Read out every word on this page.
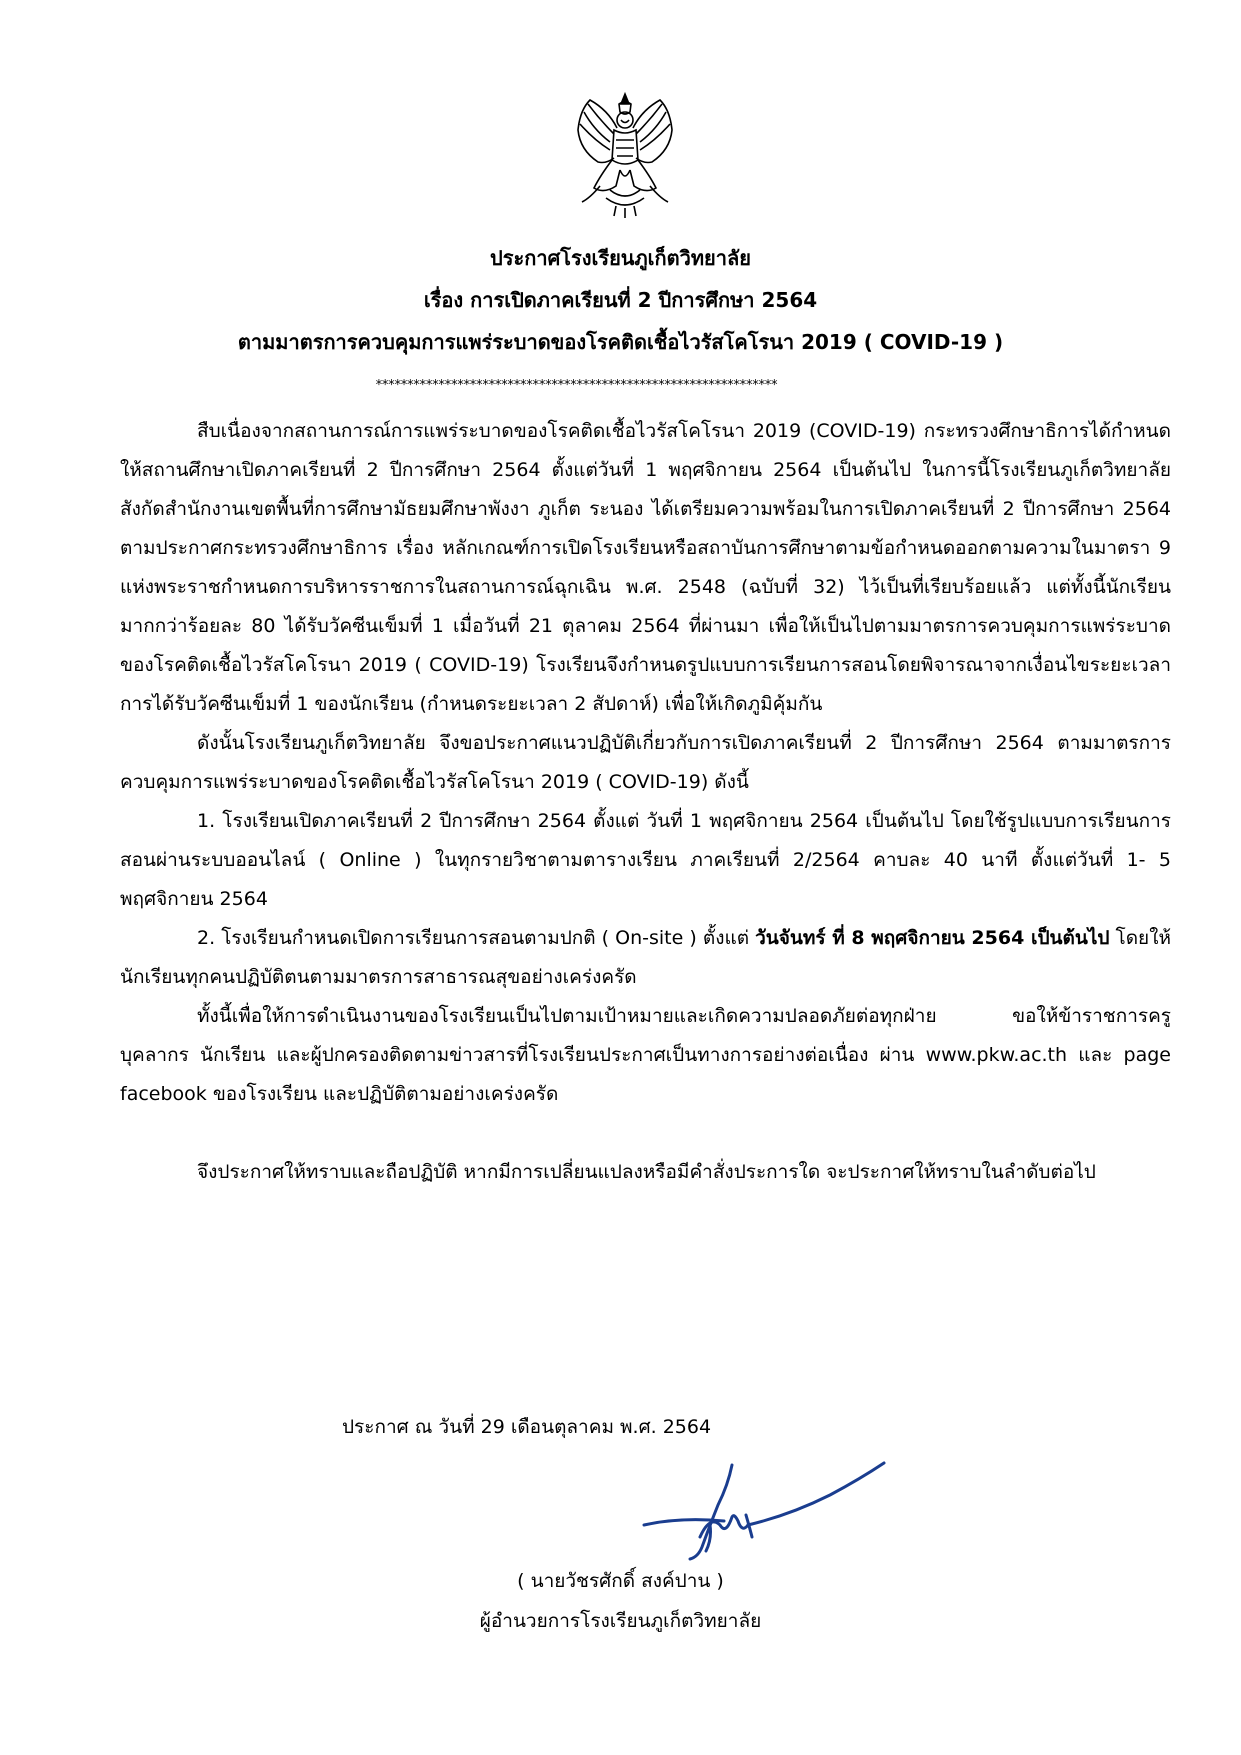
ประกาศโรงเรียนภูเก็ตวิทยาลัย
เรื่อง การเปิดภาคเรียนที่ 2 ปีการศึกษา 2564
ตามมาตรการควบคุมการแพร่ระบาดของโรคติดเชื้อไวรัสโคโรนา 2019 ( COVID-19 )
****************************************************************

สืบเนื่องจากสถานการณ์การแพร่ระบาดของโรคติดเชื้อไวรัสโคโรนา 2019 (COVID-19) กระทรวงศึกษาธิการได้กำหนดให้สถานศึกษาเปิดภาคเรียนที่ 2 ปีการศึกษา 2564 ตั้งแต่วันที่ 1 พฤศจิกายน 2564 เป็นต้นไป ในการนี้โรงเรียนภูเก็ตวิทยาลัย สังกัดสำนักงานเขตพื้นที่การศึกษามัธยมศึกษาพังงา ภูเก็ต ระนอง ได้เตรียมความพร้อมในการเปิดภาคเรียนที่ 2 ปีการศึกษา 2564 ตามประกาศกระทรวงศึกษาธิการ เรื่อง หลักเกณฑ์การเปิดโรงเรียนหรือสถาบันการศึกษาตามข้อกำหนดออกตามความในมาตรา 9 แห่งพระราชกำหนดการบริหารราชการในสถานการณ์ฉุกเฉิน พ.ศ. 2548 (ฉบับที่ 32) ไว้เป็นที่เรียบร้อยแล้ว แต่ทั้งนี้นักเรียนมากกว่าร้อยละ 80 ได้รับวัคซีนเข็มที่ 1 เมื่อวันที่ 21 ตุลาคม 2564 ที่ผ่านมา เพื่อให้เป็นไปตามมาตรการควบคุมการแพร่ระบาดของโรคติดเชื้อไวรัสโคโรนา 2019 ( COVID-19) โรงเรียนจึงกำหนดรูปแบบการเรียนการสอนโดยพิจารณาจากเงื่อนไขระยะเวลาการได้รับวัคซีนเข็มที่ 1 ของนักเรียน (กำหนดระยะเวลา 2 สัปดาห์) เพื่อให้เกิดภูมิคุ้มกัน

ดังนั้นโรงเรียนภูเก็ตวิทยาลัย จึงขอประกาศแนวปฏิบัติเกี่ยวกับการเปิดภาคเรียนที่ 2 ปีการศึกษา 2564 ตามมาตรการควบคุมการแพร่ระบาดของโรคติดเชื้อไวรัสโคโรนา 2019 ( COVID-19) ดังนี้

1. โรงเรียนเปิดภาคเรียนที่ 2 ปีการศึกษา 2564 ตั้งแต่ วันที่ 1 พฤศจิกายน 2564 เป็นต้นไป โดยใช้รูปแบบการเรียนการสอนผ่านระบบออนไลน์ ( Online ) ในทุกรายวิชาตามตารางเรียน ภาคเรียนที่ 2/2564 คาบละ 40 นาที ตั้งแต่วันที่ 1- 5 พฤศจิกายน 2564

2. โรงเรียนกำหนดเปิดการเรียนการสอนตามปกติ ( On-site ) ตั้งแต่ วันจันทร์ ที่ 8 พฤศจิกายน 2564 เป็นต้นไป โดยให้นักเรียนทุกคนปฏิบัติตนตามมาตรการสาธารณสุขอย่างเคร่งครัด

ทั้งนี้เพื่อให้การดำเนินงานของโรงเรียนเป็นไปตามเป้าหมายและเกิดความปลอดภัยต่อทุกฝ่าย ขอให้ข้าราชการครู บุคลากร นักเรียน และผู้ปกครองติดตามข่าวสารที่โรงเรียนประกาศเป็นทางการอย่างต่อเนื่อง ผ่าน www.pkw.ac.th และ page facebook ของโรงเรียน และปฏิบัติตามอย่างเคร่งครัด

จึงประกาศให้ทราบและถือปฏิบัติ หากมีการเปลี่ยนแปลงหรือมีคำสั่งประการใด จะประกาศให้ทราบในลำดับต่อไป

ประกาศ ณ วันที่ 29 เดือนตุลาคม พ.ศ. 2564
( นายวัชรศักดิ์ สงค์ปาน )
ผู้อำนวยการโรงเรียนภูเก็ตวิทยาลัย
